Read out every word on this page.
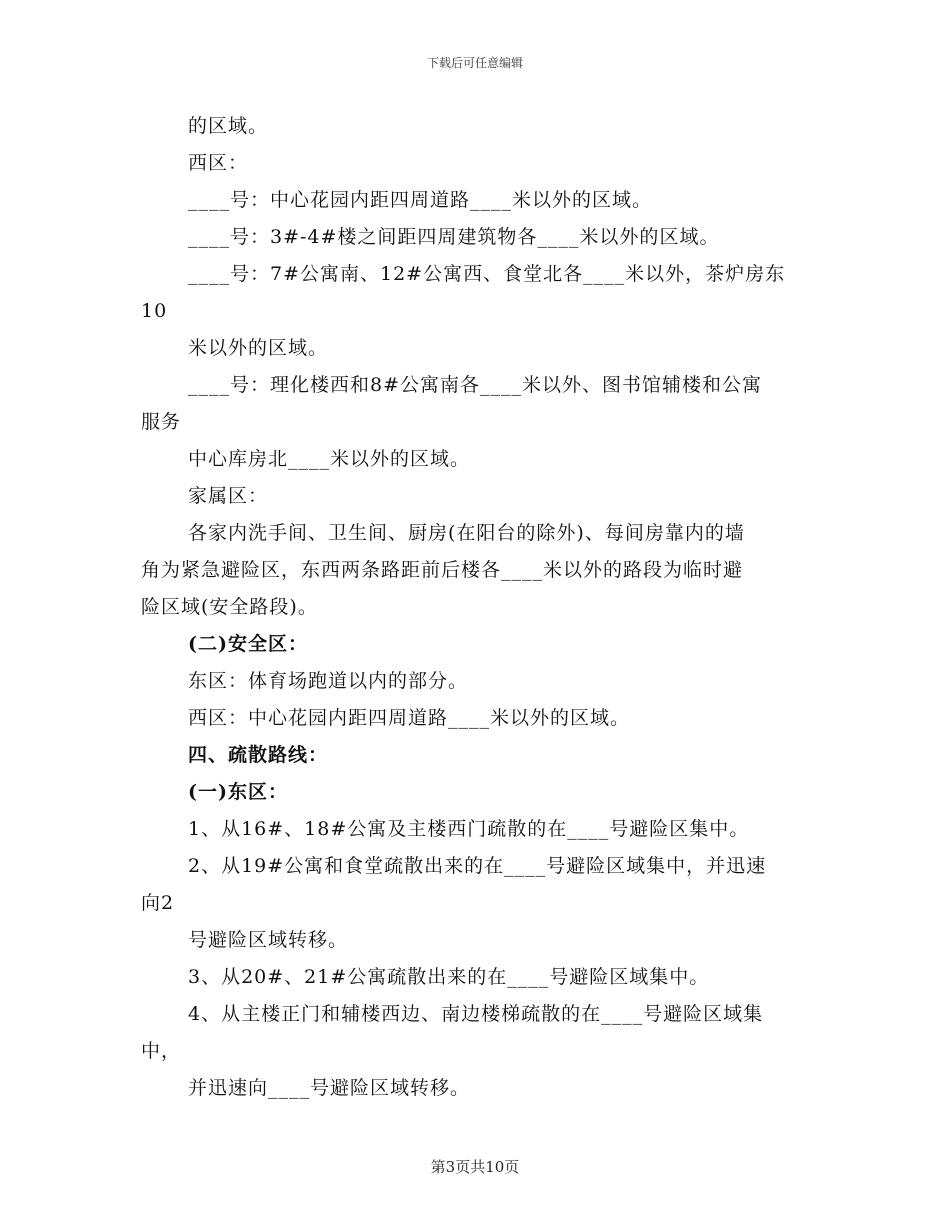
下载后可任意编辑
的区域。
西区：
____号：中心花园内距四周道路____米以外的区域。
____号：3#-4#楼之间距四周建筑物各____米以外的区域。
____号：7#公寓南、12#公寓西、食堂北各____米以外，茶炉房东
10
米以外的区域。
____号：理化楼西和8#公寓南各____米以外、图书馆辅楼和公寓
服务
中心库房北____米以外的区域。
家属区：
各家内洗手间、卫生间、厨房(在阳台的除外)、每间房靠内的墙
角为紧急避险区，东西两条路距前后楼各____米以外的路段为临时避
险区域(安全路段)。
(二)安全区：
东区：体育场跑道以内的部分。
西区：中心花园内距四周道路____米以外的区域。
四、疏散路线：
(一)东区：
1、从16#、18#公寓及主楼西门疏散的在____号避险区集中。
2、从19#公寓和食堂疏散出来的在____号避险区域集中，并迅速
向2
号避险区域转移。
3、从20#、21#公寓疏散出来的在____号避险区域集中。
4、从主楼正门和辅楼西边、南边楼梯疏散的在____号避险区域集
中，
并迅速向____号避险区域转移。
第3页共10页
